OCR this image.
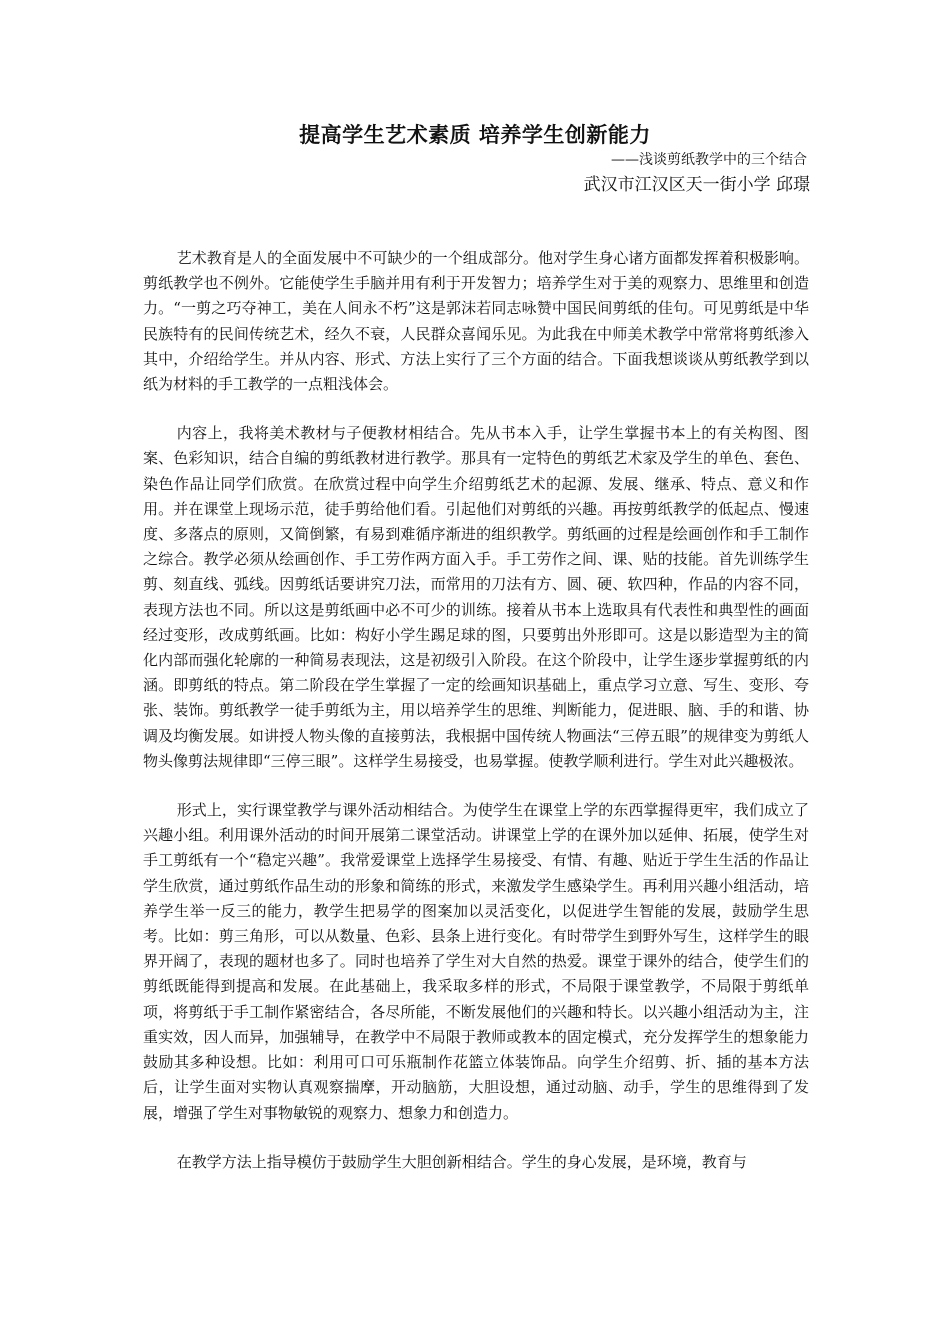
提高学生艺术素质 培养学生创新能力
——浅谈剪纸教学中的三个结合
武汉市江汉区天一街小学 邱璟

艺术教育是人的全面发展中不可缺少的一个组成部分。他对学生身心诸方面都发挥着积极影响。剪纸教学也不例外。它能使学生手脑并用有利于开发智力；培养学生对于美的观察力、思维里和创造力。“一剪之巧夺神工，美在人间永不朽”这是郭沫若同志咏赞中国民间剪纸的佳句。可见剪纸是中华民族特有的民间传统艺术，经久不衰，人民群众喜闻乐见。为此我在中师美术教学中常常将剪纸渗入其中，介绍给学生。并从内容、形式、方法上实行了三个方面的结合。下面我想谈谈从剪纸教学到以纸为材料的手工教学的一点粗浅体会。

内容上，我将美术教材与子便教材相结合。先从书本入手，让学生掌握书本上的有关构图、图案、色彩知识，结合自编的剪纸教材进行教学。那具有一定特色的剪纸艺术家及学生的单色、套色、染色作品让同学们欣赏。在欣赏过程中向学生介绍剪纸艺术的起源、发展、继承、特点、意义和作用。并在课堂上现场示范，徒手剪给他们看。引起他们对剪纸的兴趣。再按剪纸教学的低起点、慢速度、多落点的原则，又简倒繁，有易到难循序渐进的组织教学。剪纸画的过程是绘画创作和手工制作之综合。教学必须从绘画创作、手工劳作两方面入手。手工劳作之间、课、贴的技能。首先训练学生剪、刻直线、弧线。因剪纸话要讲究刀法，而常用的刀法有方、圆、硬、软四种，作品的内容不同，表现方法也不同。所以这是剪纸画中必不可少的训练。接着从书本上选取具有代表性和典型性的画面经过变形，改成剪纸画。比如：构好小学生踢足球的图，只要剪出外形即可。这是以影造型为主的简化内部而强化轮廓的一种简易表现法，这是初级引入阶段。在这个阶段中，让学生逐步掌握剪纸的内涵。即剪纸的特点。第二阶段在学生掌握了一定的绘画知识基础上，重点学习立意、写生、变形、夸张、装饰。剪纸教学一徒手剪纸为主，用以培养学生的思维、判断能力，促进眼、脑、手的和谐、协调及均衡发展。如讲授人物头像的直接剪法，我根据中国传统人物画法“三停五眼”的规律变为剪纸人物头像剪法规律即“三停三眼”。这样学生易接受，也易掌握。使教学顺利进行。学生对此兴趣极浓。

形式上，实行课堂教学与课外活动相结合。为使学生在课堂上学的东西掌握得更牢，我们成立了兴趣小组。利用课外活动的时间开展第二课堂活动。讲课堂上学的在课外加以延伸、拓展，使学生对手工剪纸有一个“稳定兴趣”。我常爱课堂上选择学生易接受、有情、有趣、贴近于学生生活的作品让学生欣赏，通过剪纸作品生动的形象和简练的形式，来激发学生感染学生。再利用兴趣小组活动，培养学生举一反三的能力，教学生把易学的图案加以灵活变化，以促进学生智能的发展，鼓励学生思考。比如：剪三角形，可以从数量、色彩、县条上进行变化。有时带学生到野外写生，这样学生的眼界开阔了，表现的题材也多了。同时也培养了学生对大自然的热爱。课堂于课外的结合，使学生们的剪纸既能得到提高和发展。在此基础上，我采取多样的形式，不局限于课堂教学，不局限于剪纸单项，将剪纸于手工制作紧密结合，各尽所能，不断发展他们的兴趣和特长。以兴趣小组活动为主，注重实效，因人而异，加强辅导，在教学中不局限于教师或教本的固定模式，充分发挥学生的想象能力鼓励其多种设想。比如：利用可口可乐瓶制作花篮立体装饰品。向学生介绍剪、折、插的基本方法后，让学生面对实物认真观察揣摩，开动脑筋，大胆设想，通过动脑、动手，学生的思维得到了发展，增强了学生对事物敏锐的观察力、想象力和创造力。

在教学方法上指导模仿于鼓励学生大胆创新相结合。学生的身心发展，是环境，教育与
